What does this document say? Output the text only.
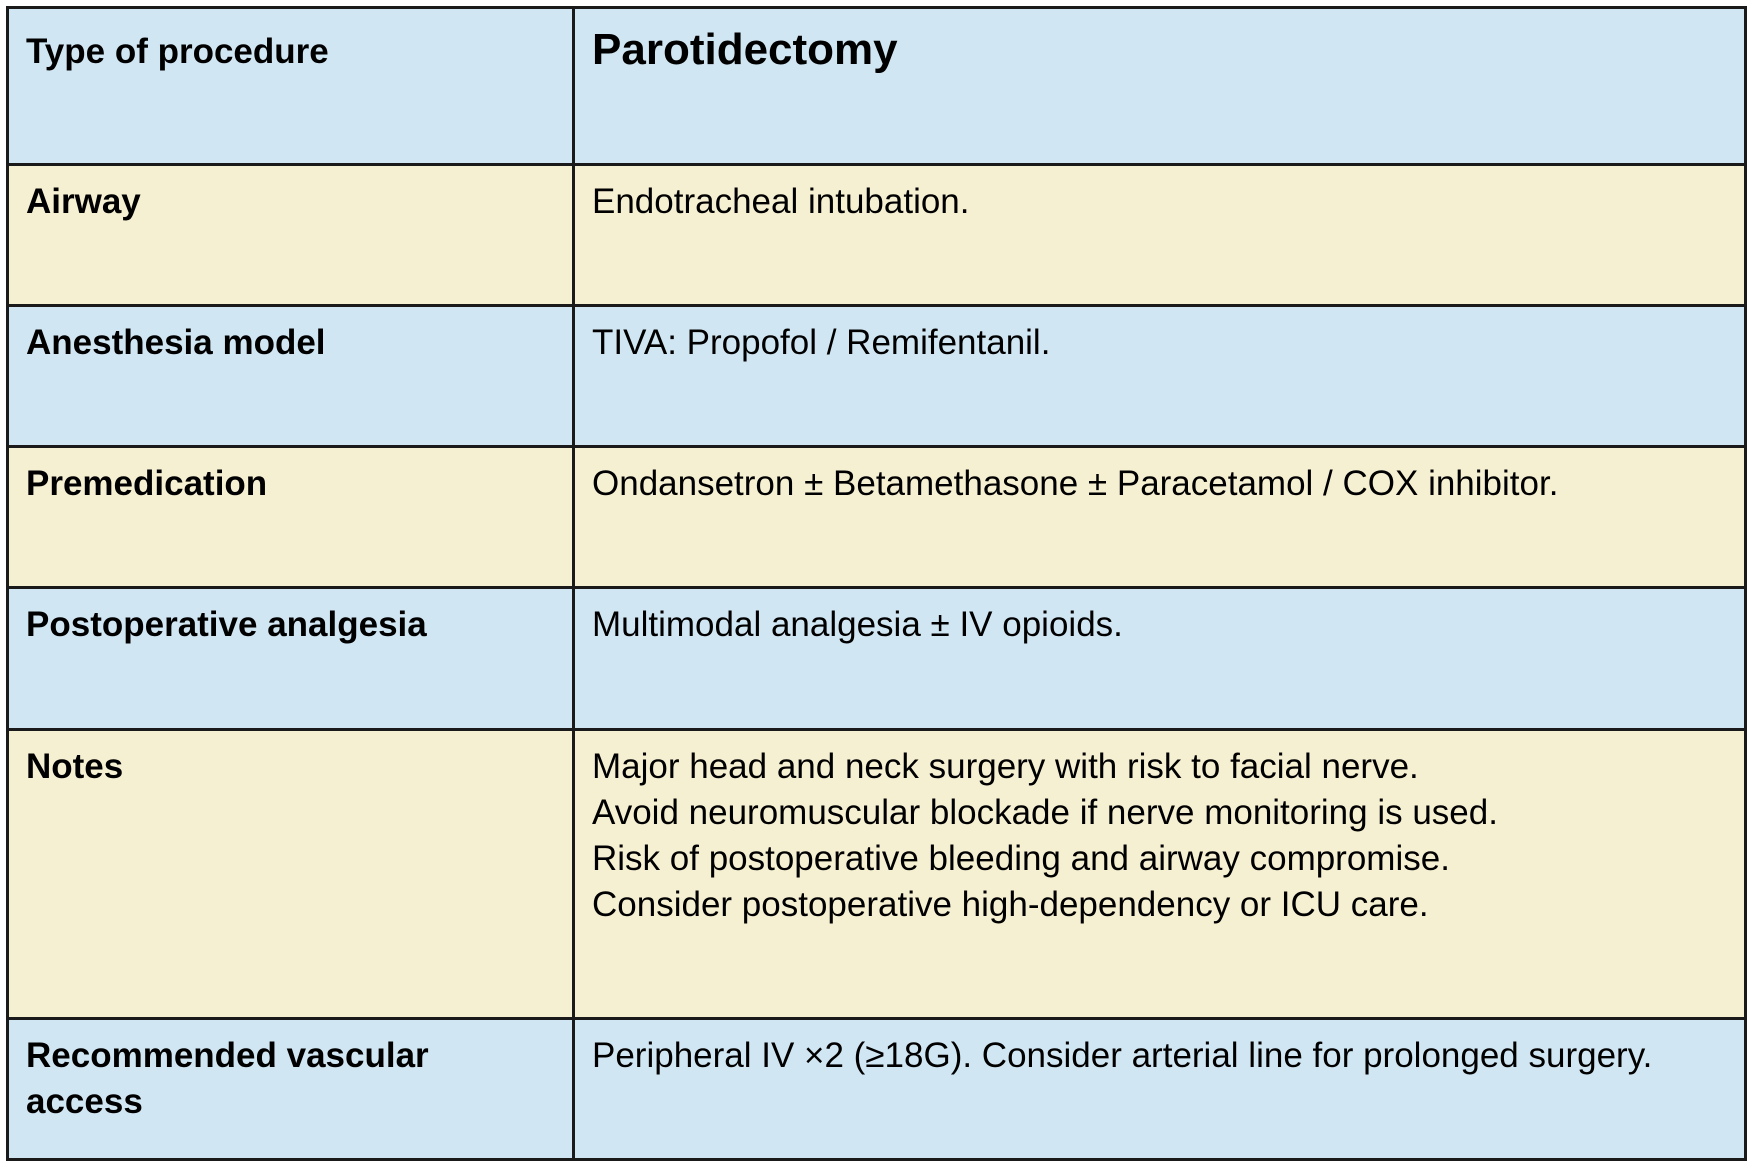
Type of procedure	Parotidectomy
Airway	Endotracheal intubation.
Anesthesia model	TIVA: Propofol / Remifentanil.
Premedication	Ondansetron ± Betamethasone ± Paracetamol / COX inhibitor.
Postoperative analgesia	Multimodal analgesia ± IV opioids.
Notes	Major head and neck surgery with risk to facial nerve.
Avoid neuromuscular blockade if nerve monitoring is used.
Risk of postoperative bleeding and airway compromise.
Consider postoperative high-dependency or ICU care.

Recommended vascular
access	Peripheral IV ×2 (≥18G). Consider arterial line for prolonged surgery.
